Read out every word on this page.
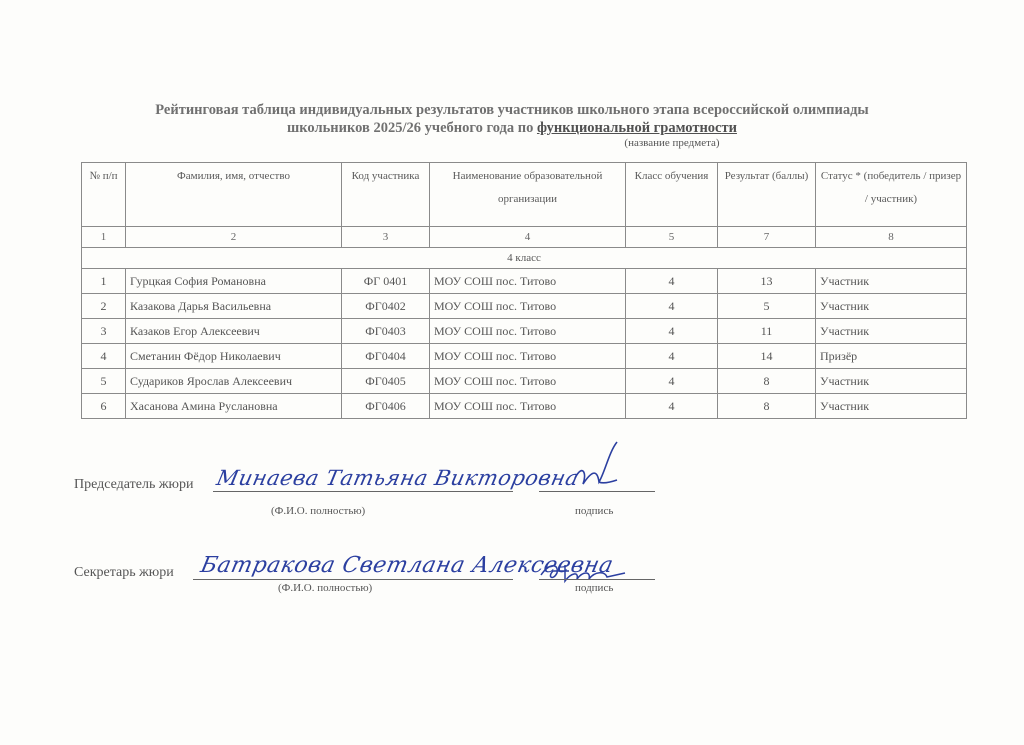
Рейтинговая таблица индивидуальных результатов участников школьного этапа всероссийской олимпиады
школьников 2025/26 учебного года по функциональной грамотности
(название предмета)
№ п/п	Фамилия, имя, отчество	Код участника	Наименование образовательной организации	Класс обучения	Результат (баллы)	Статус * (победитель / призер / участник)
1	2	3	4	5	7	8
4 класс						
1	Гурцкая София Романовна	ФГ 0401	МОУ СОШ пос. Титово	4	13	Участник
2	Казакова Дарья Васильевна	ФГ0402	МОУ СОШ пос. Титово	4	5	Участник
3	Казаков Егор Алексеевич	ФГ0403	МОУ СОШ пос. Титово	4	11	Участник
4	Сметанин Фёдор Николаевич	ФГ0404	МОУ СОШ пос. Титово	4	14	Призёр
5	Судариков Ярослав Алексеевич	ФГ0405	МОУ СОШ пос. Титово	4	8	Участник
6	Хасанова Амина Руслановна	ФГ0406	МОУ СОШ пос. Титово	4	8	Участник
Председатель жюри Минаева Татьяна Викторовна
(Ф.И.О. полностью)	подпись
Секретарь жюри Батракова Светлана Алексеевна
(Ф.И.О. полностью)	подпись
